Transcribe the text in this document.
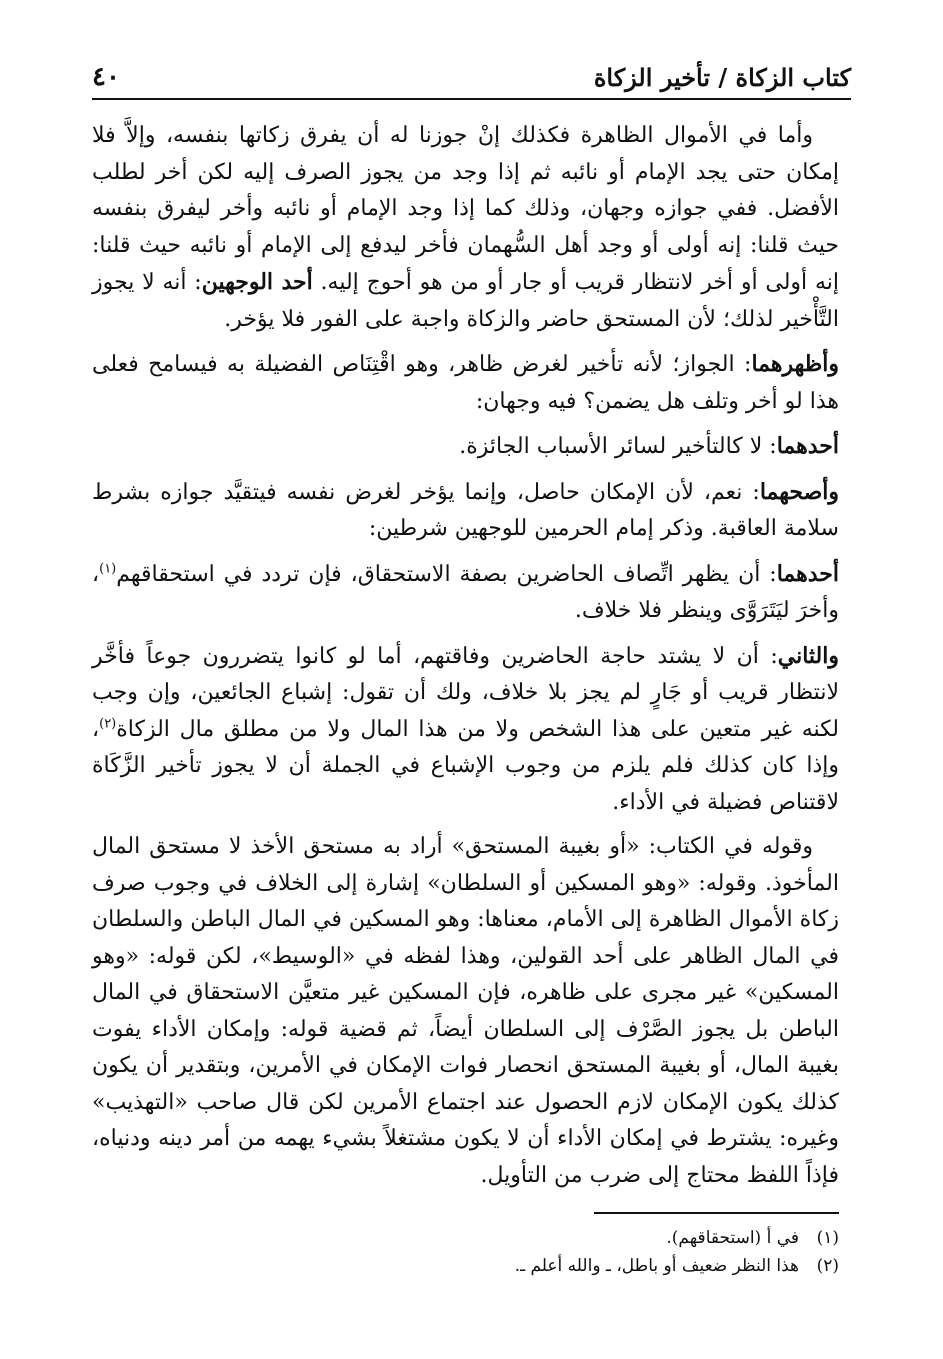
كتاب الزكاة / تأخير الزكاة
٤٠

وأما في الأموال الظاهرة فكذلك إنْ جوزنا له أن يفرق زكاتها بنفسه، وإلاَّ فلا إمكان حتى يجد الإمام أو نائبه ثم إذا وجد من يجوز الصرف إليه لكن أخر لطلب الأفضل. ففي جوازه وجهان، وذلك كما إذا وجد الإمام أو نائبه وأخر ليفرق بنفسه حيث قلنا: إنه أولى أو وجد أهل السُّهمان فأخر ليدفع إلى الإمام أو نائبه حيث قلنا: إنه أولى أو أخر لانتظار قريب أو جار أو من هو أحوج إليه. أحد الوجهين: أنه لا يجوز التَّأْخير لذلك؛ لأن المستحق حاضر والزكاة واجبة على الفور فلا يؤخر.

وأظهرهما: الجواز؛ لأنه تأخير لغرض ظاهر، وهو اقْتِنَاص الفضيلة به فيسامح فعلى هذا لو أخر وتلف هل يضمن؟ فيه وجهان:

أحدهما: لا كالتأخير لسائر الأسباب الجائزة.

وأصحهما: نعم، لأن الإمكان حاصل، وإنما يؤخر لغرض نفسه فيتقيَّد جوازه بشرط سلامة العاقبة. وذكر إمام الحرمين للوجهين شرطين:

أحدهما: أن يظهر اتِّصاف الحاضرين بصفة الاستحقاق، فإن تردد في استحقاقهم$^{(١)}$، وأخرَ ليَتَرَوَّى وينظر فلا خلاف.

والثاني: أن لا يشتد حاجة الحاضرين وفاقتهم، أما لو كانوا يتضررون جوعاً فأخَّر لانتظار قريب أو جَارٍ لم يجز بلا خلاف، ولك أن تقول: إشباع الجائعين، وإن وجب لكنه غير متعين على هذا الشخص ولا من هذا المال ولا من مطلق مال الزكاة$^{(٢)}$، وإذا كان كذلك فلم يلزم من وجوب الإشباع في الجملة أن لا يجوز تأخير الزَّكَاة لاقتناص فضيلة في الأداء.

وقوله في الكتاب: «أو بغيبة المستحق» أراد به مستحق الأخذ لا مستحق المال المأخوذ. وقوله: «وهو المسكين أو السلطان» إشارة إلى الخلاف في وجوب صرف زكاة الأموال الظاهرة إلى الأمام، معناها: وهو المسكين في المال الباطن والسلطان في المال الظاهر على أحد القولين، وهذا لفظه في «الوسيط»، لكن قوله: «وهو المسكين» غير مجرى على ظاهره، فإن المسكين غير متعيَّن الاستحقاق في المال الباطن بل يجوز الصَّرْف إلى السلطان أيضاً، ثم قضية قوله: وإمكان الأداء يفوت بغيبة المال، أو بغيبة المستحق انحصار فوات الإمكان في الأمرين، وبتقدير أن يكون كذلك يكون الإمكان لازم الحصول عند اجتماع الأمرين لكن قال صاحب «التهذيب» وغيره: يشترط في إمكان الأداء أن لا يكون مشتغلاً بشيء يهمه من أمر دينه ودنياه، فإذاً اللفظ محتاج إلى ضرب من التأويل.

(١)
في أ (استحقاقهم).
(٢)
هذا النظر ضعيف أو باطل، ـ والله أعلم ـ.
